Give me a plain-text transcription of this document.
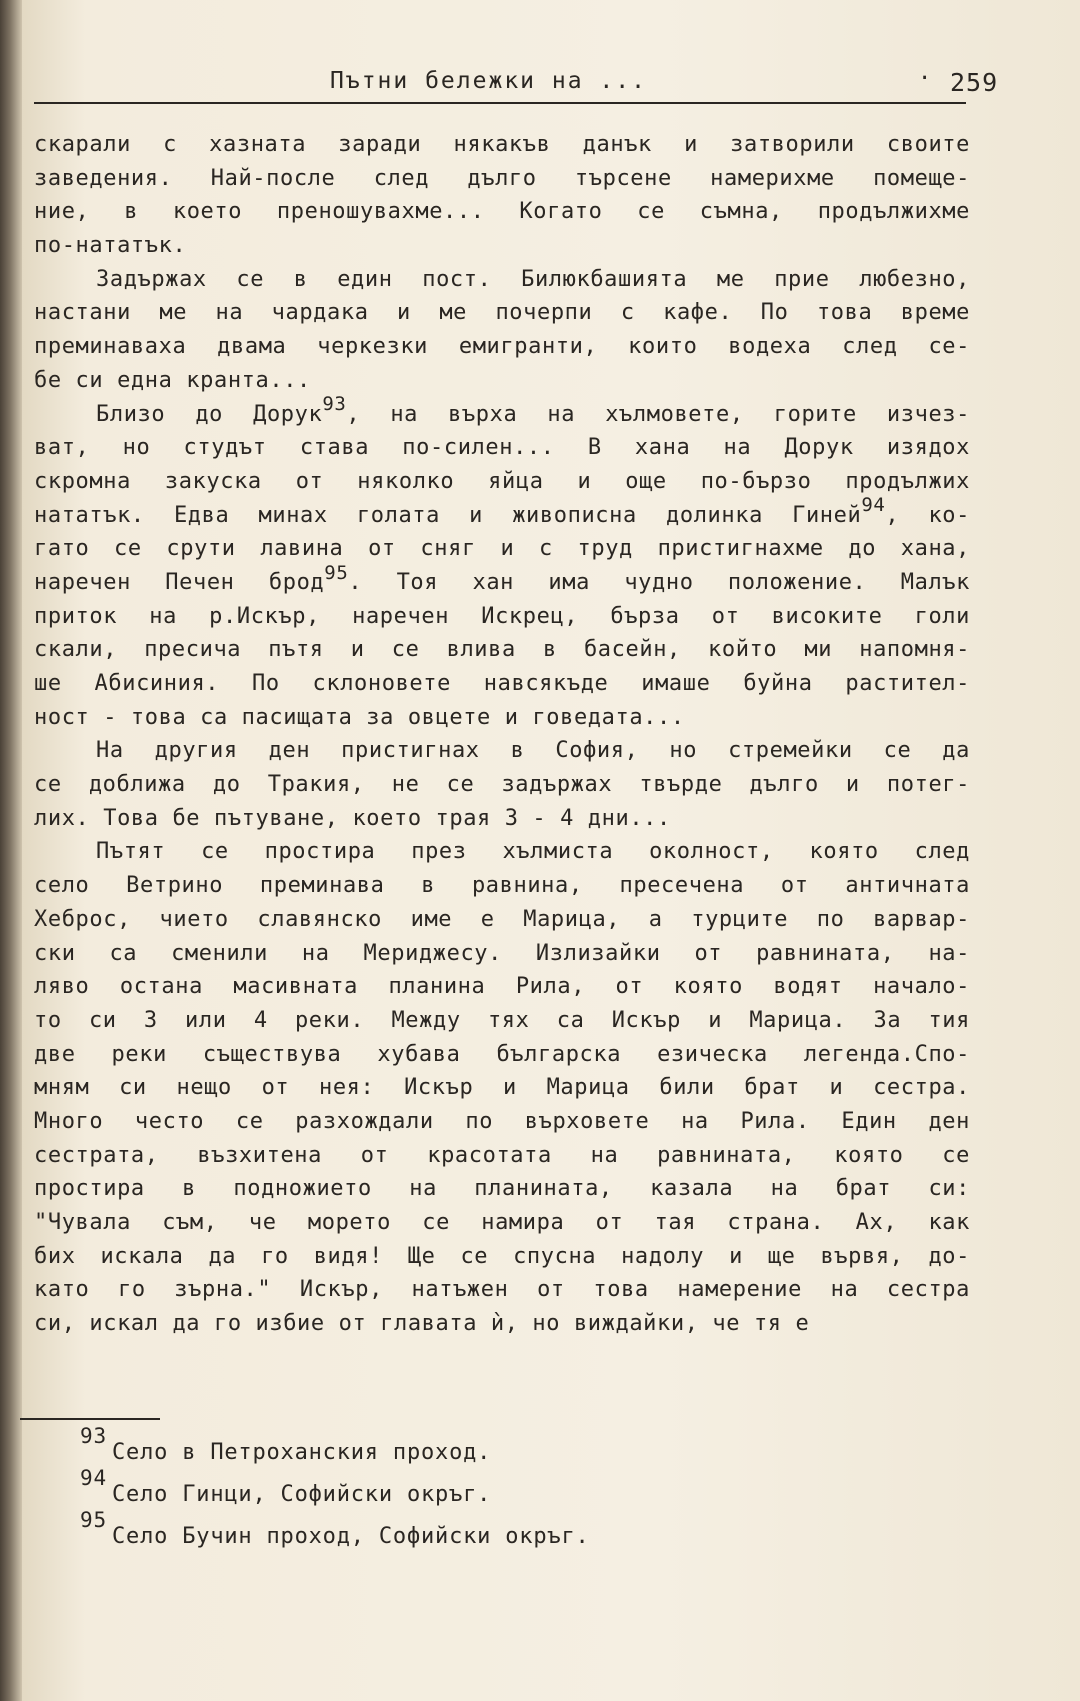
Пътни бележки на ...	· 259
скарали с хазната заради някакъв данък и затворили своите
заведения. Най-после след дълго търсене намерихме помеще-
ние, в което преношувахме... Когато се съмна, продължихме
по-нататък.
Задържах се в един пост. Билюкбашията ме прие любезно,
настани ме на чардака и ме почерпи с кафе. По това време
преминаваха двама черкезки емигранти, които водеха след се-
бе си една кранта...
Близо до Дорук$^{93}$, на върха на хълмовете, горите изчез-
ват, но студът става по-силен... В хана на Дорук изядох
скромна закуска от няколко яйца и още по-бързо продължих
нататък. Едва минах голата и живописна долинка Гиней$^{94}$, ко-
гато се срути лавина от сняг и с труд пристигнахме до хана,
наречен Печен брод$^{95}$. Тоя хан има чудно положение. Малък
приток на р.Искър, наречен Искрец, бърза от високите голи
скали, пресича пътя и се влива в басейн, който ми напомня-
ше Абисиния. По склоновете навсякъде имаше буйна растител-
ност - това са пасищата за овцете и говедата...
На другия ден пристигнах в София, но стремейки се да
се доближа до Тракия, не се задържах твърде дълго и потег-
лих. Това бе пътуване, което трая 3 - 4 дни...
Пътят се простира през хълмиста околност, която след
село Ветрино преминава в равнина, пресечена от античната
Хеброс, чието славянско име е Марица, а турците по варвар-
ски са сменили на Мериджесу. Излизайки от равнината, на-
ляво остана масивната планина Рила, от която водят начало-
то си 3 или 4 реки. Между тях са Искър и Марица. За тия
две реки съществува хубава българска езическа легенда.Спо-
мням си нещо от нея: Искър и Марица били брат и сестра.
Много често се разхождали по върховете на Рила. Един ден
сестрата, възхитена от красотата на равнината, която се
простира в подножието на планината, казала на брат си:
"Чувала съм, че морето се намира от тая страна. Ах, как
бих искала да го видя! Ще се спусна надолу и ще вървя, до-
като го зърна." Искър, натъжен от това намерение на сестра
си, искал да го избие от главата ѝ, но виждайки, че тя е
93
Село в Петроханския проход.
94
Село Гинци, Софийски окръг.
95
Село Бучин проход, Софийски окръг.
